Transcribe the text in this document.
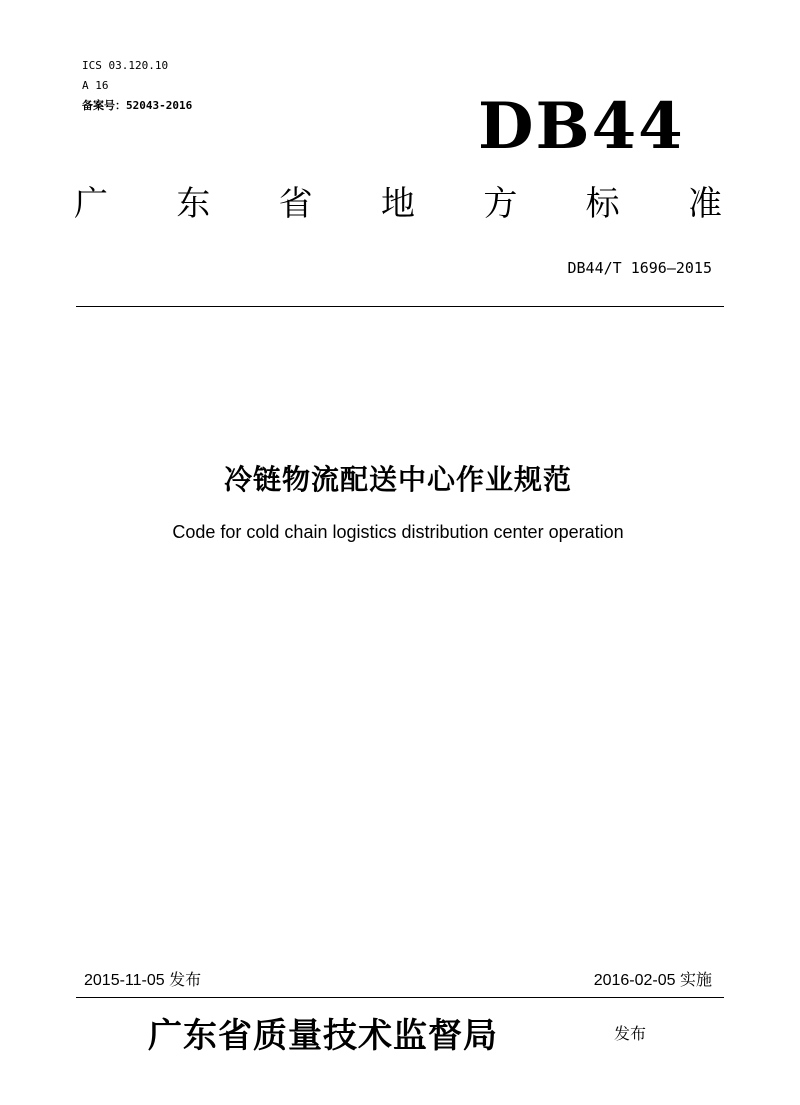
ICS 03.120.10
A 16
备案号：52043-2016	DB44
广 东 省 地 方 标 准
DB44/T 1696—2015
冷链物流配送中心作业规范
Code for cold chain logistics distribution center operation
2015-11-05 发布	2016-02-05 实施
广东省质量技术监督局	发布
